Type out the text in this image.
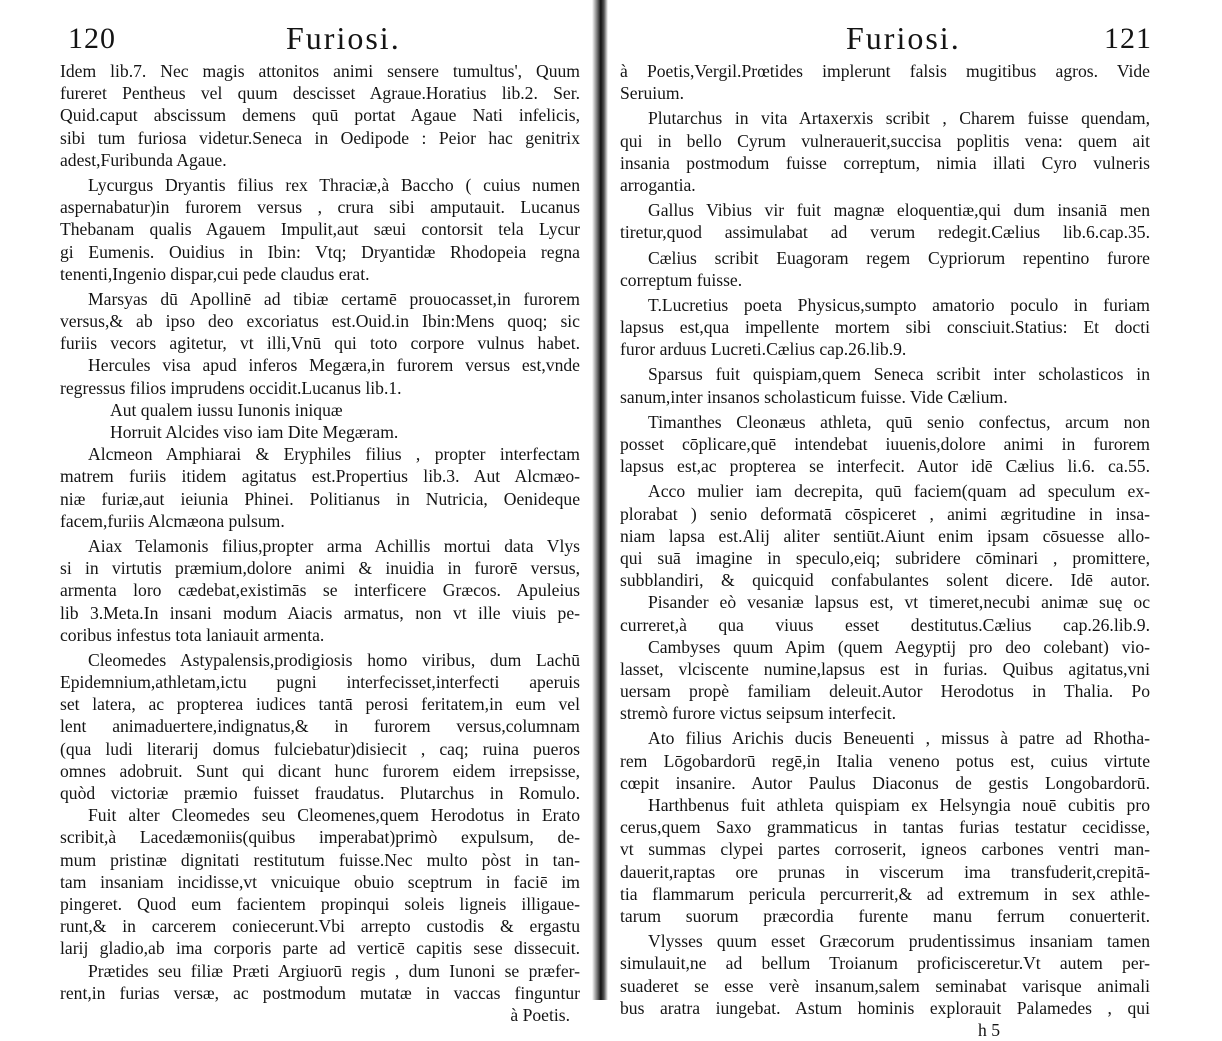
120	Furiosi.
Idem lib.7. Nec magis attonitos animi sensere tumultus', Quum
fureret Pentheus vel quum descisset Agraue.Horatius lib.2. Ser.
Quid.caput abscissum demens quū portat Agaue Nati infelicis,
sibi tum furiosa videtur.Seneca in Oedipode : Peior hac genitrix
adest,Furibunda Agaue.
Lycurgus Dryantis filius rex Thraciæ,à Baccho ( cuius numen
aspernabatur)in furorem versus , crura sibi amputauit. Lucanus
Thebanam qualis Agauem Impulit,aut sæui contorsit tela Lycur
gi Eumenis. Ouidius in Ibin: Vtq; Dryantidæ Rhodopeia regna
tenenti,Ingenio dispar,cui pede claudus erat.
Marsyas dū Apollinē ad tibiæ certamē prouocasset,in furorem
versus,& ab ipso deo excoriatus est.Ouid.in Ibin:Mens quoq; sic
furiis vecors agitetur, vt illi,Vnū qui toto corpore vulnus habet.
Hercules visa apud inferos Megæra,in furorem versus est,vnde
regressus filios imprudens occidit.Lucanus lib.1.
Aut qualem iussu Iunonis iniquæ
Horruit Alcides viso iam Dite Megæram.
Alcmeon Amphiarai & Eryphiles filius , propter interfectam
matrem furiis itidem agitatus est.Propertius lib.3. Aut Alcmæo-
niæ furiæ,aut ieiunia Phinei. Politianus in Nutricia, Oenideque
facem,furiis Alcmæona pulsum.
Aiax Telamonis filius,propter arma Achillis mortui data Vlys
si in virtutis præmium,dolore animi & inuidia in furorē versus,
armenta loro cædebat,existimās se interficere Græcos. Apuleius
lib 3.Meta.In insani modum Aiacis armatus, non vt ille viuis pe-
coribus infestus tota laniauit armenta.
Cleomedes Astypalensis,prodigiosis homo viribus, dum Lachū
Epidemnium,athletam,ictu pugni interfecisset,interfecti aperuis
set latera, ac propterea iudices tantā perosi feritatem,in eum vel
lent animaduertere,indignatus,& in furorem versus,columnam
(qua ludi literarij domus fulciebatur)disiecit , caq; ruina pueros
omnes adobruit. Sunt qui dicant hunc furorem eidem irrepsisse,
quòd victoriæ præmio fuisset fraudatus. Plutarchus in Romulo.
Fuit alter Cleomedes seu Cleomenes,quem Herodotus in Erato
scribit,à Lacedæmoniis(quibus imperabat)primò expulsum, de-
mum pristinæ dignitati restitutum fuisse.Nec multo pòst in tan-
tam insaniam incidisse,vt vnicuique obuio sceptrum in faciē im
pingeret. Quod eum facientem propinqui soleis ligneis illigaue-
runt,& in carcerem coniecerunt.Vbi arrepto custodis & ergastu
larij gladio,ab ima corporis parte ad verticē capitis sese dissecuit.
Prætides seu filiæ Præti Argiuorū regis , dum Iunoni se præfer-
rent,in furias versæ, ac postmodum mutatæ in vaccas finguntur
à Poetis.
Furiosi.	121
à Poetis,Vergil.Prœtides implerunt falsis mugitibus agros. Vide
Seruium.
Plutarchus in vita Artaxerxis scribit , Charem fuisse quendam,
qui in bello Cyrum vulnerauerit,succisa poplitis vena: quem ait
insania postmodum fuisse correptum, nimia illati Cyro vulneris
arrogantia.
Gallus Vibius vir fuit magnæ eloquentiæ,qui dum insaniā men
tiretur,quod assimulabat ad verum redegit.Cælius lib.6.cap.35.
Cælius scribit Euagoram regem Cypriorum repentino furore
correptum fuisse.
T.Lucretius poeta Physicus,sumpto amatorio poculo in furiam
lapsus est,qua impellente mortem sibi consciuit.Statius: Et docti
furor arduus Lucreti.Cælius cap.26.lib.9.
Sparsus fuit quispiam,quem Seneca scribit inter scholasticos in
sanum,inter insanos scholasticum fuisse. Vide Cælium.
Timanthes Cleonæus athleta, quū senio confectus, arcum non
posset cōplicare,quē intendebat iuuenis,dolore animi in furorem
lapsus est,ac propterea se interfecit. Autor idē Cælius li.6. ca.55.
Acco mulier iam decrepita, quū faciem(quam ad speculum ex-
plorabat ) senio deformatā cōspiceret , animi ægritudine in insa-
niam lapsa est.Alij aliter sentiūt.Aiunt enim ipsam cōsuesse allo-
qui suā imagine in speculo,eiq; subridere cōminari , promittere,
subblandiri, & quicquid confabulantes solent dicere. Idē autor.
Pisander eò vesaniæ lapsus est, vt timeret,necubi animæ suę oc
curreret,à qua viuus esset destitutus.Cælius cap.26.lib.9.
Cambyses quum Apim (quem Aegyptij pro deo colebant) vio-
lasset, vlciscente numine,lapsus est in furias. Quibus agitatus,vni
uersam propè familiam deleuit.Autor Herodotus in Thalia. Po
stremò furore victus seipsum interfecit.
Ato filius Arichis ducis Beneuenti , missus à patre ad Rhotha-
rem Lōgobardorū regē,in Italia veneno potus est, cuius virtute
cœpit insanire. Autor Paulus Diaconus de gestis Longobardorū.
Harthbenus fuit athleta quispiam ex Helsyngia nouē cubitis pro
cerus,quem Saxo grammaticus in tantas furias testatur cecidisse,
vt summas clypei partes corroserit, igneos carbones ventri man-
dauerit,raptas ore prunas in viscerum ima transfuderit,crepitā-
tia flammarum pericula percurrerit,& ad extremum in sex athle-
tarum suorum præcordia furente manu ferrum conuerterit.
Vlysses quum esset Græcorum prudentissimus insaniam tamen
simulauit,ne ad bellum Troianum proficisceretur.Vt autem per-
suaderet se esse verè insanum,salem seminabat varisque animali
bus aratra iungebat. Astum hominis explorauit Palamedes , qui
h 5
